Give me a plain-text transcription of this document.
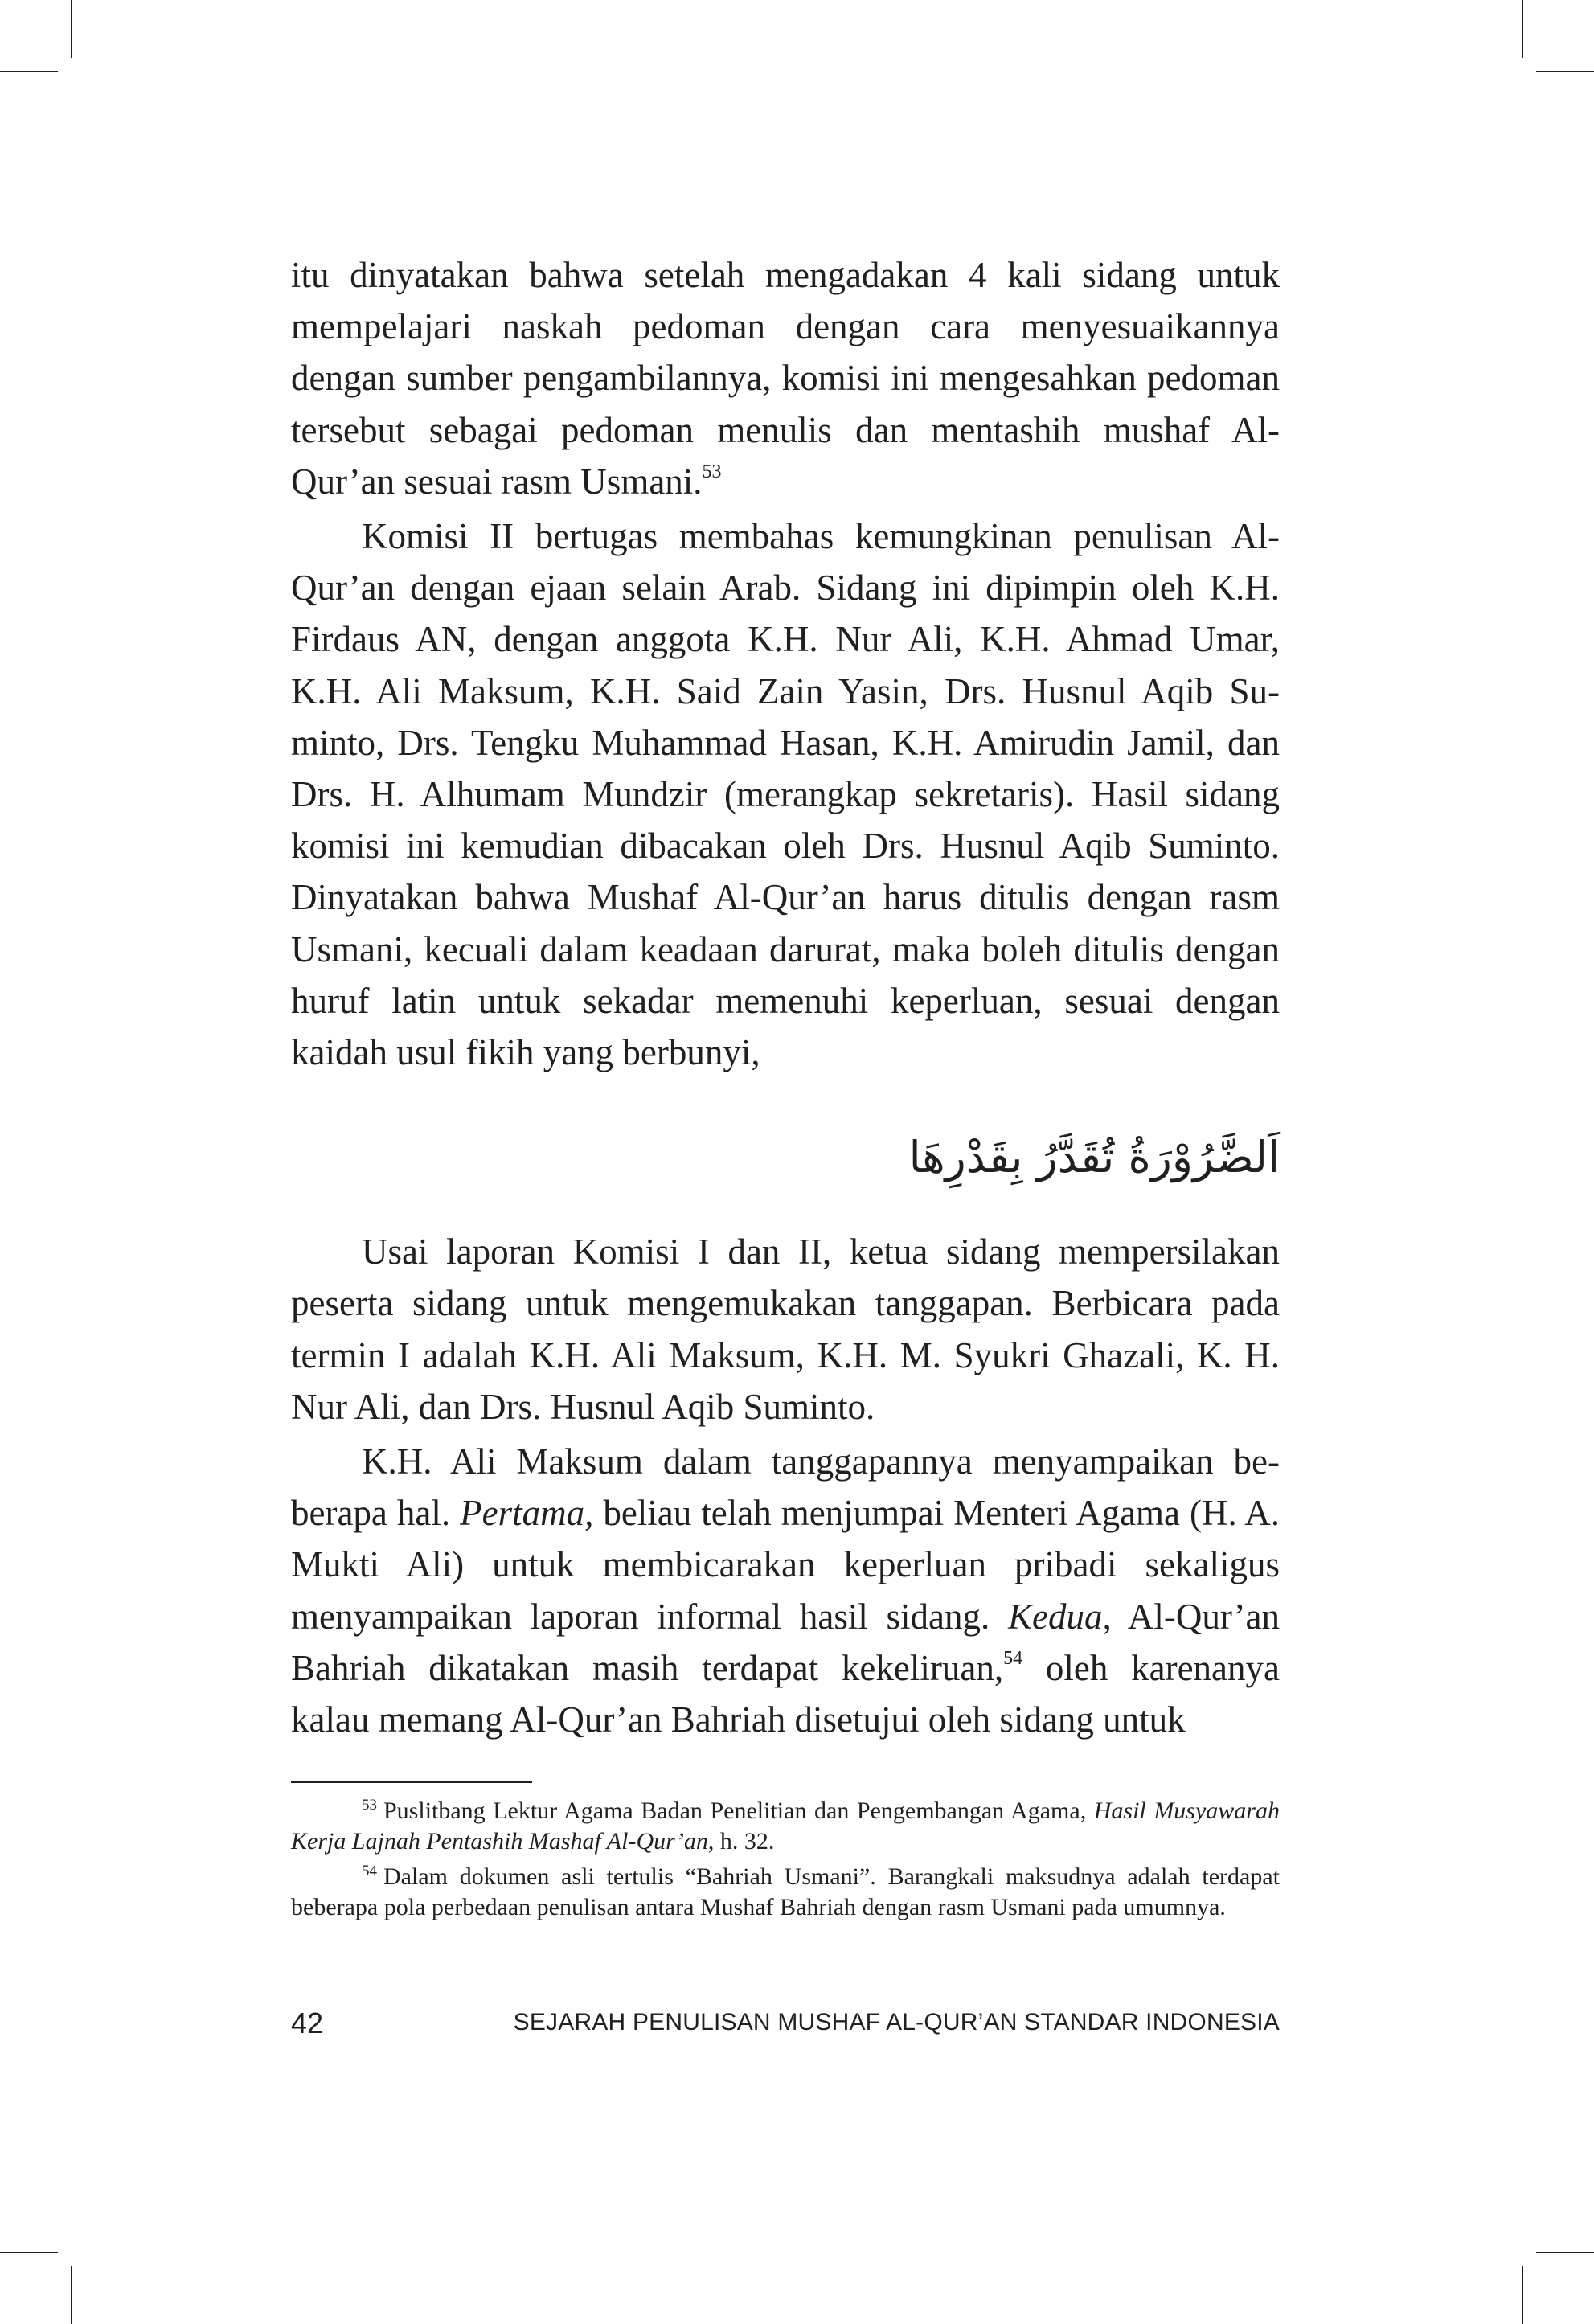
itu dinyatakan bahwa setelah mengadakan 4 kali sidang untuk mempelajari naskah pedoman dengan cara menyesuaikannya dengan sumber pengambilannya, komisi ini mengesahkan pedoman tersebut sebagai pedoman menulis dan mentashih mushaf Al-Qur’an sesuai rasm Usmani.$^{53}$

Komisi II bertugas membahas kemungkinan penulisan Al-Qur’an dengan ejaan selain Arab. Sidang ini dipimpin oleh K.H. Firdaus AN, dengan anggota K.H. Nur Ali, K.H. Ahmad Umar, K.H. Ali Maksum, K.H. Said Zain Yasin, Drs. Husnul Aqib Suminto, Drs. Tengku Muhammad Hasan, K.H. Amirudin Jamil, dan Drs. H. Alhumam Mundzir (merangkap sekretaris). Hasil sidang komisi ini kemudian dibacakan oleh Drs. Husnul Aqib Suminto. Dinyatakan bahwa Mushaf Al-Qur’an harus ditulis dengan rasm Usmani, kecuali dalam keadaan darurat, maka boleh ditulis dengan huruf latin untuk sekadar memenuhi keperluan, sesuai dengan kaidah usul fikih yang berbunyi,

اَلضَّرُوْرَةُ تُقَدَّرُ بِقَدْرِهَا

Usai laporan Komisi I dan II, ketua sidang mempersilakan peserta sidang untuk mengemukakan tanggapan. Berbicara pada termin I adalah K.H. Ali Maksum, K.H. M. Syukri Ghazali, K. H. Nur Ali, dan Drs. Husnul Aqib Suminto.

K.H. Ali Maksum dalam tanggapannya menyampaikan beberapa hal. Pertama, beliau telah menjumpai Menteri Agama (H. A. Mukti Ali) untuk membicarakan keperluan pribadi sekaligus menyampaikan laporan informal hasil sidang. Kedua, Al-Qur’an Bahriah dikatakan masih terdapat kekeliruan,$^{54}$ oleh karenanya kalau memang Al-Qur’an Bahriah disetujui oleh sidang untuk

$^{53}$ Puslitbang Lektur Agama Badan Penelitian dan Pengembangan Agama, Hasil Musyawarah Kerja Lajnah Pentashih Mashaf Al-Qur’an, h. 32.

$^{54}$ Dalam dokumen asli tertulis “Bahriah Usmani”. Barangkali maksudnya adalah terdapat beberapa pola perbedaan penulisan antara Mushaf Bahriah dengan rasm Usmani pada umumnya.

42	SEJARAH PENULISAN MUSHAF AL-QUR’AN STANDAR INDONESIA
